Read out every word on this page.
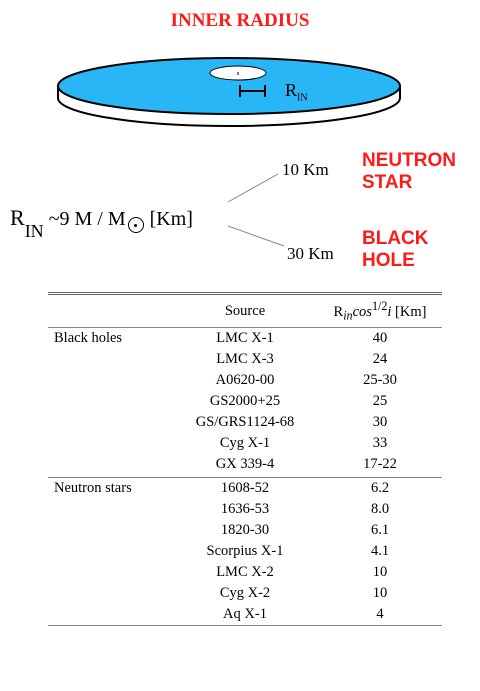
INNER RADIUS
$R_{IN}$
RIN ~9 M / M [Km]
10 Km NEUTRON
STAR
30 Km
BLACK
HOLE
	Source	$R_{in}\cos^{1/2}i$ [Km]
Black holes	LMC X-1	40
	LMC X-3	24
	A0620-00	25-30
	GS2000+25	25
	GS/GRS1124-68	30
	Cyg X-1	33
	GX 339-4	17-22
Neutron stars	1608-52	6.2
	1636-53	8.0
	1820-30	6.1
	Scorpius X-1	4.1
	LMC X-2	10
	Cyg X-2	10
	Aq X-1	4
